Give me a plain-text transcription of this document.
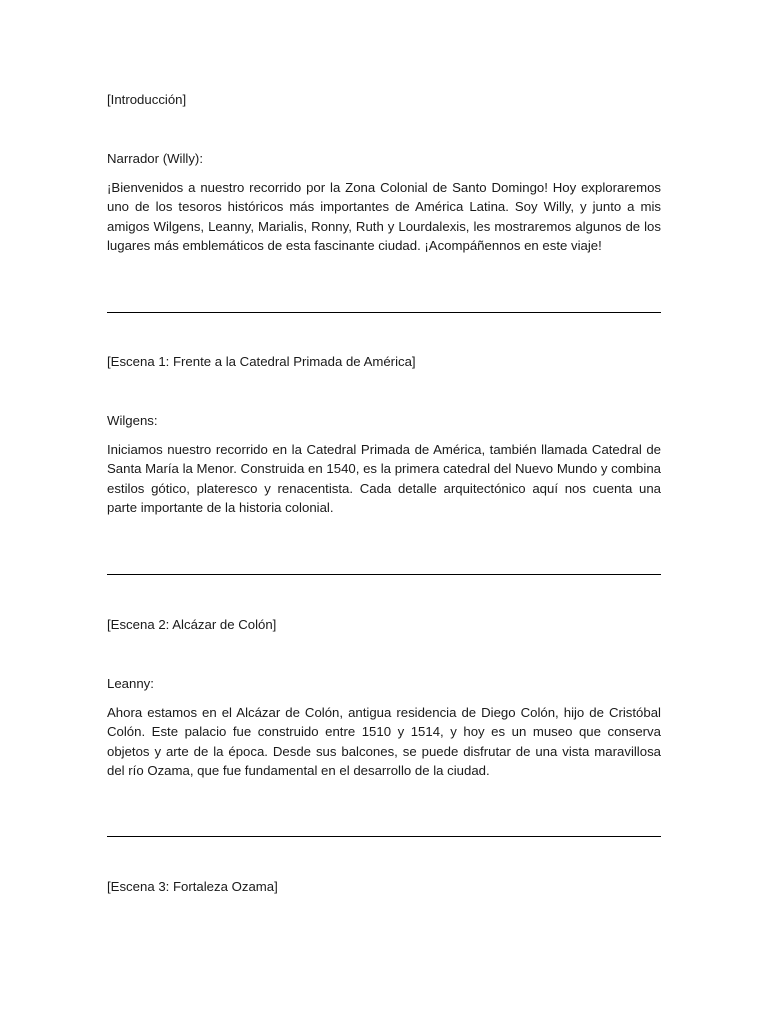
[Introducción]

Narrador (Willy):

¡Bienvenidos a nuestro recorrido por la Zona Colonial de Santo Domingo! Hoy exploraremos uno de los tesoros históricos más importantes de América Latina. Soy Willy, y junto a mis amigos Wilgens, Leanny, Marialis, Ronny, Ruth y Lourdalexis, les mostraremos algunos de los lugares más emblemáticos de esta fascinante ciudad. ¡Acompáñennos en este viaje!

[Escena 1: Frente a la Catedral Primada de América]

Wilgens:

Iniciamos nuestro recorrido en la Catedral Primada de América, también llamada Catedral de Santa María la Menor. Construida en 1540, es la primera catedral del Nuevo Mundo y combina estilos gótico, plateresco y renacentista. Cada detalle arquitectónico aquí nos cuenta una parte importante de la historia colonial.

[Escena 2: Alcázar de Colón]

Leanny:

Ahora estamos en el Alcázar de Colón, antigua residencia de Diego Colón, hijo de Cristóbal Colón. Este palacio fue construido entre 1510 y 1514, y hoy es un museo que conserva objetos y arte de la época. Desde sus balcones, se puede disfrutar de una vista maravillosa del río Ozama, que fue fundamental en el desarrollo de la ciudad.

[Escena 3: Fortaleza Ozama]
